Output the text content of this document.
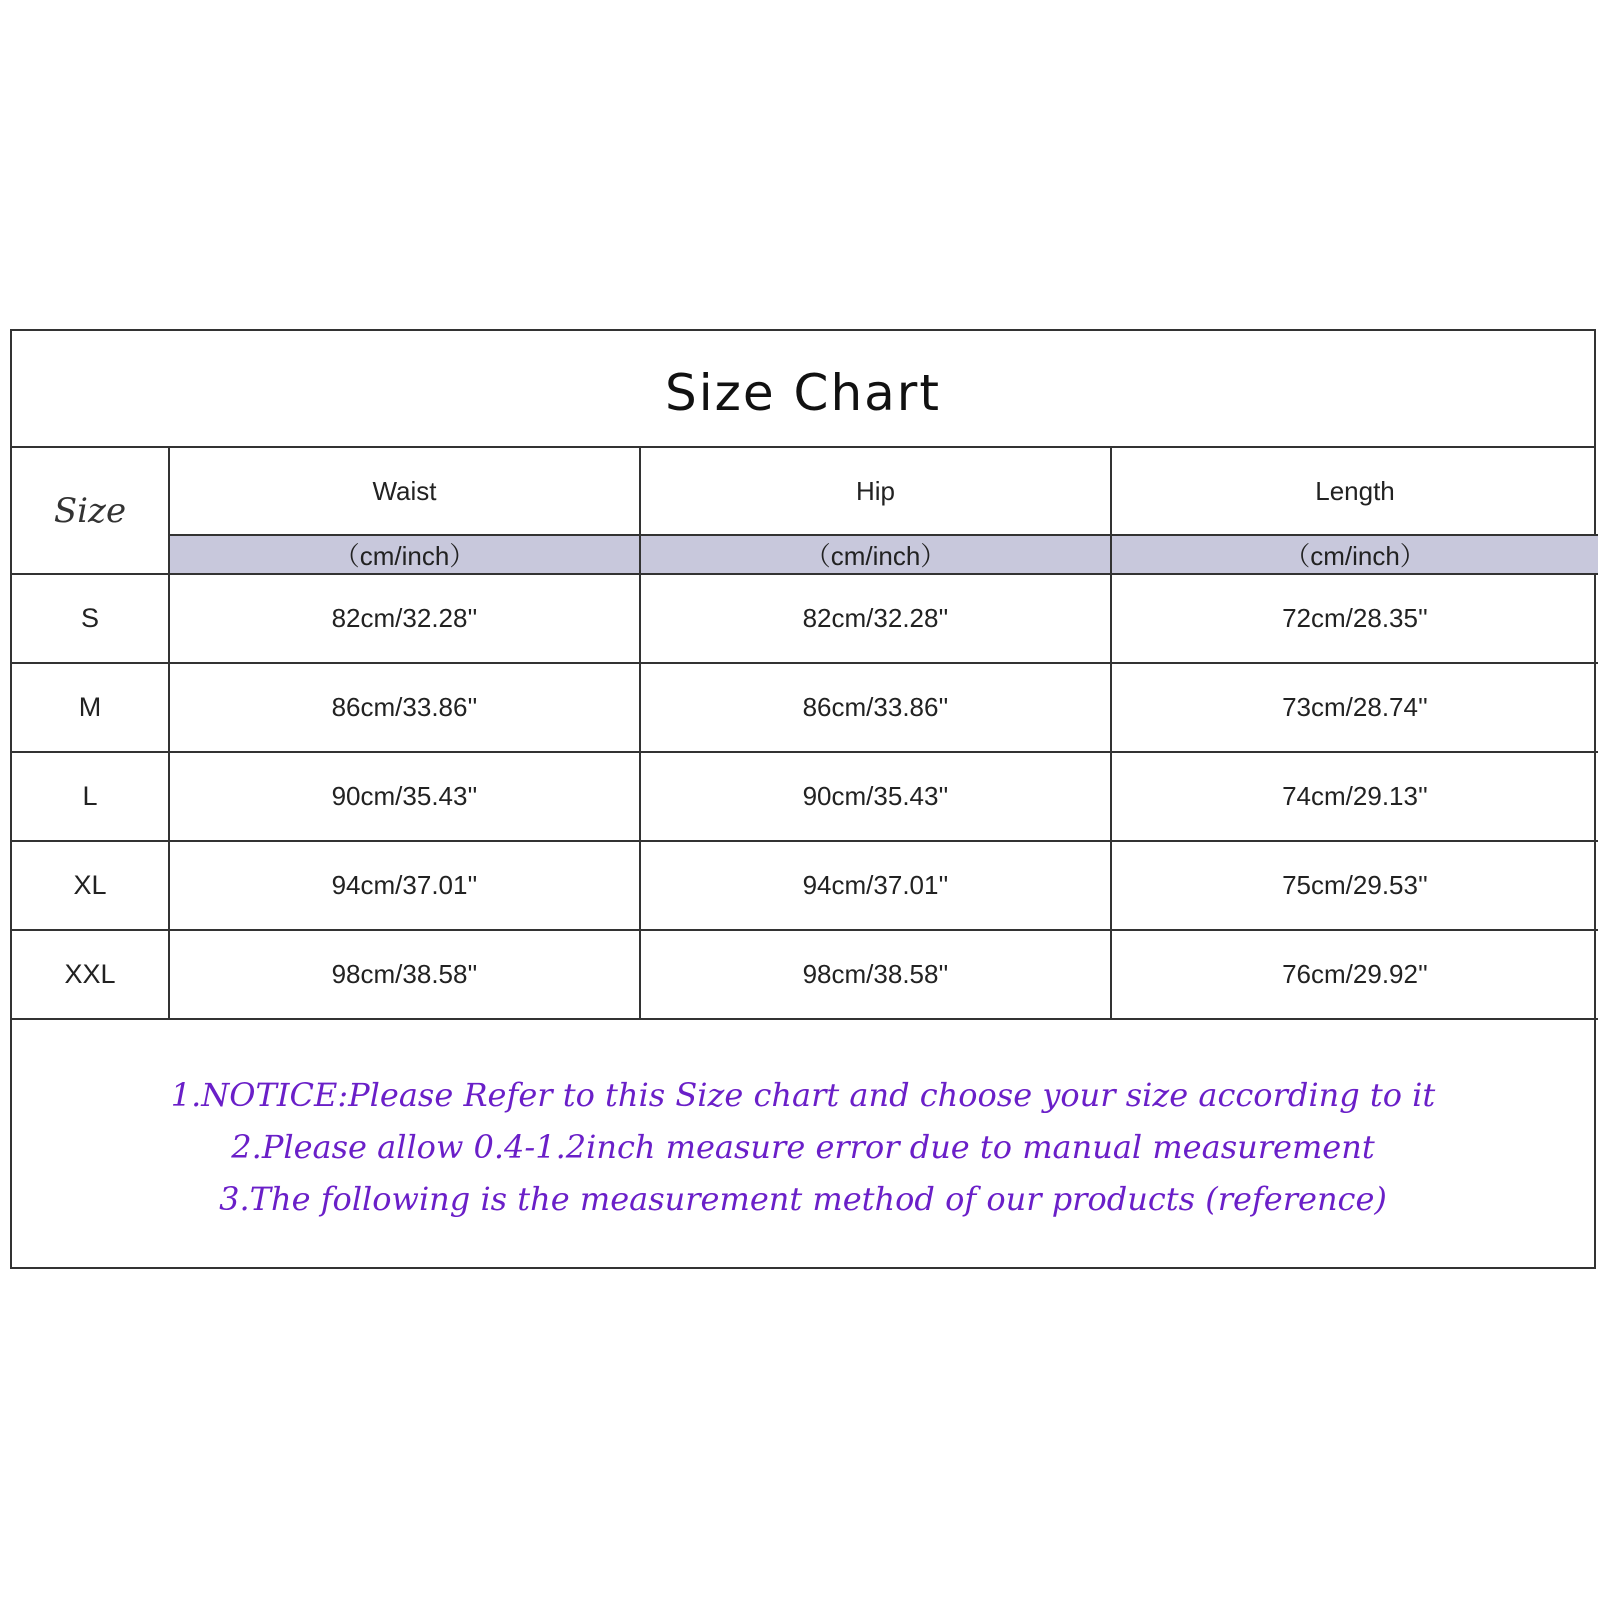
Size Chart
Size	Waist	Hip	Length
	（cm/inch）	（cm/inch）	（cm/inch）
S	82cm/32.28''	82cm/32.28''	72cm/28.35''
M	86cm/33.86''	86cm/33.86''	73cm/28.74''
L	90cm/35.43''	90cm/35.43''	74cm/29.13''
XL	94cm/37.01''	94cm/37.01''	75cm/29.53''
XXL	98cm/38.58''	98cm/38.58''	76cm/29.92''
1.NOTICE:Please Refer to this Size chart and choose your size according to it
2.Please allow 0.4-1.2inch measure error due to manual measurement
3.The following is the measurement method of our products (reference)
